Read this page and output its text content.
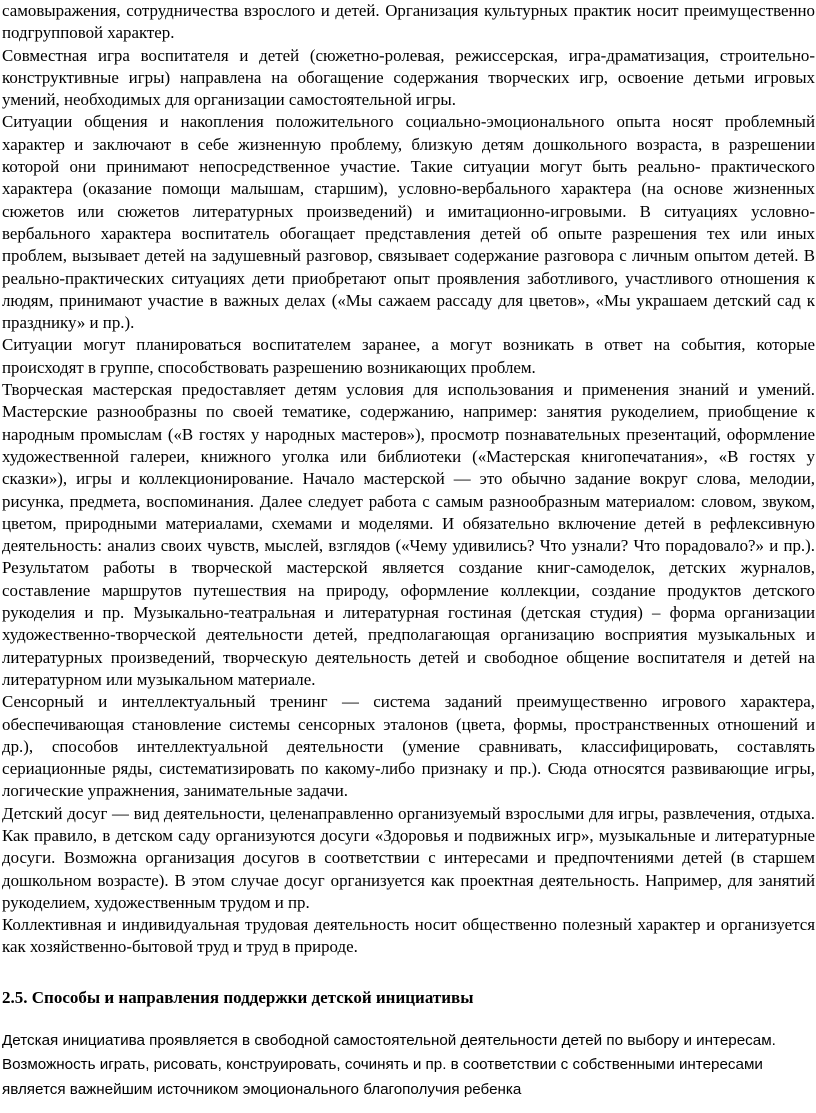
самовыражения, сотрудничества взрослого и детей. Организация культурных практик носит преимущественно подгрупповой характер.

Совместная игра воспитателя и детей (сюжетно-ролевая, режиссерская, игра-драматизация, строительно-конструктивные игры) направлена на обогащение содержания творческих игр, освоение детьми игровых умений, необходимых для организации самостоятельной игры.

Ситуации общения и накопления положительного социально-эмоционального опыта носят проблемный характер и заключают в себе жизненную проблему, близкую детям дошкольного возраста, в разрешении которой они принимают непосредственное участие. Такие ситуации могут быть реально- практического характера (оказание помощи малышам, старшим), условно-вербального характера (на основе жизненных сюжетов или сюжетов литературных произведений) и имитационно-игровыми. В ситуациях условно-вербального характера воспитатель обогащает представления детей об опыте разрешения тех или иных проблем, вызывает детей на задушевный разговор, связывает содержание разговора с личным опытом детей. В реально-практических ситуациях дети приобретают опыт проявления заботливого, участливого отношения к людям, принимают участие в важных делах («Мы сажаем рассаду для цветов», «Мы украшаем детский сад к празднику» и пр.).

Ситуации могут планироваться воспитателем заранее, а могут возникать в ответ на события, которые происходят в группе, способствовать разрешению возникающих проблем.

Творческая мастерская предоставляет детям условия для использования и применения знаний и умений. Мастерские разнообразны по своей тематике, содержанию, например: занятия рукоделием, приобщение к народным промыслам («В гостях у народных мастеров»), просмотр познавательных презентаций, оформление художественной галереи, книжного уголка или библиотеки («Мастерская книгопечатания», «В гостях у сказки»), игры и коллекционирование. Начало мастерской — это обычно задание вокруг слова, мелодии, рисунка, предмета, воспоминания. Далее следует работа с самым разнообразным материалом: словом, звуком, цветом, природными материалами, схемами и моделями. И обязательно включение детей в рефлексивную деятельность: анализ своих чувств, мыслей, взглядов («Чему удивились? Что узнали? Что порадовало?» и пр.). Результатом работы в творческой мастерской является создание книг-самоделок, детских журналов, составление маршрутов путешествия на природу, оформление коллекции, создание продуктов детского рукоделия и пр. Музыкально-театральная и литературная гостиная (детская студия) – форма организации художественно-творческой деятельности детей, предполагающая организацию восприятия музыкальных и литературных произведений, творческую деятельность детей и свободное общение воспитателя и детей на литературном или музыкальном материале.

Сенсорный и интеллектуальный тренинг — система заданий преимущественно игрового характера, обеспечивающая становление системы сенсорных эталонов (цвета, формы, пространственных отношений и др.), способов интеллектуальной деятельности (умение сравнивать, классифицировать, составлять сериационные ряды, систематизировать по какому-либо признаку и пр.). Сюда относятся развивающие игры, логические упражнения, занимательные задачи.

Детский досуг — вид деятельности, целенаправленно организуемый взрослыми для игры, развлечения, отдыха. Как правило, в детском саду организуются досуги «Здоровья и подвижных игр», музыкальные и литературные досуги. Возможна организация досугов в соответствии с интересами и предпочтениями детей (в старшем дошкольном возрасте). В этом случае досуг организуется как проектная деятельность. Например, для занятий рукоделием, художественным трудом и пр.

Коллективная и индивидуальная трудовая деятельность носит общественно полезный характер и организуется как хозяйственно-бытовой труд и труд в природе.

2.5. Способы и направления поддержки детской инициативы

Детская инициатива проявляется в свободной самостоятельной деятельности детей по выбору и интересам. Возможность играть, рисовать, конструировать, сочинять и пр. в соответствии с собственными интересами является важнейшим источником эмоционального благополучия ребенка
